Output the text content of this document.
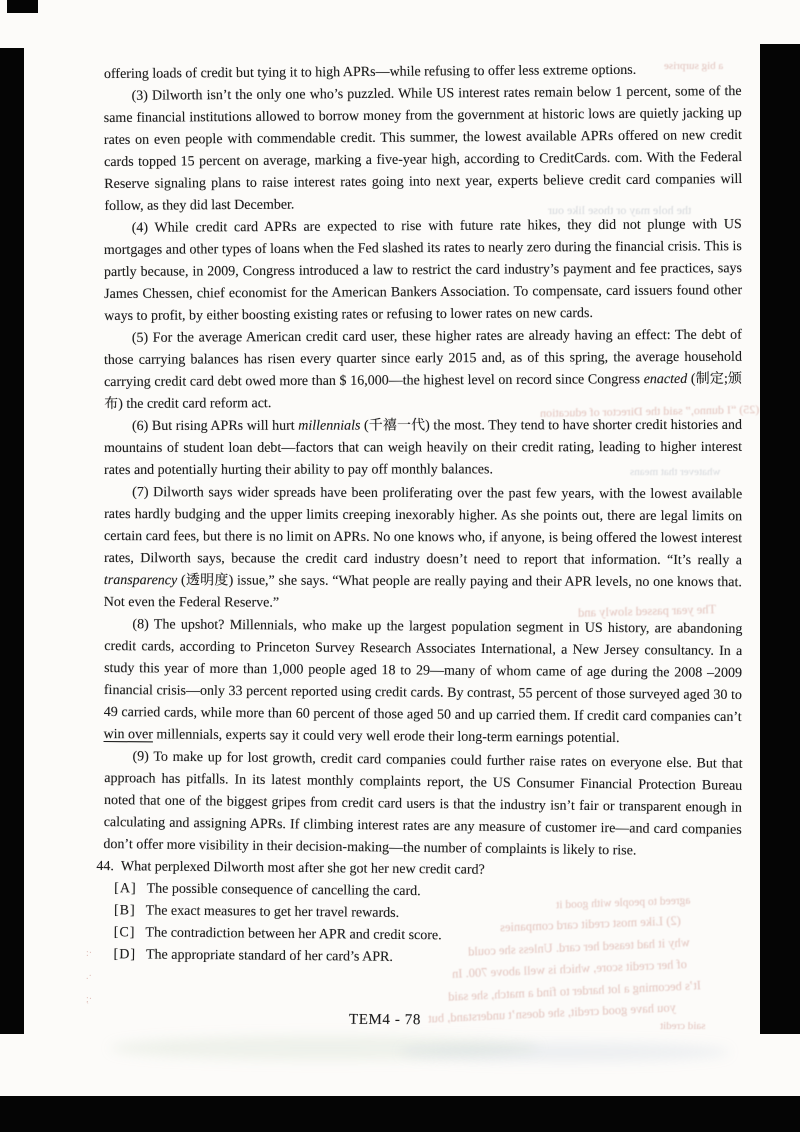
(25) “I dunno,” said the Director of education
the hole may or those like our
a big surprise
The year passed slowly and
whatever that means
agreed to people with good it
(2) Like most credit card companies
why it had teased her card. Unless she could
of her credit score, which is well above 700. In
It’s becoming a lot harder to find a match, she said
you have good credit, she doesn’t understand, but
said credit
·:
·.
·;

offering loads of credit but tying it to high APRs—while refusing to offer less extreme options.

(3) Dilworth isn’t the only one who’s puzzled. While US interest rates remain below 1 percent, some of the same financial institutions allowed to borrow money from the government at historic lows are quietly jacking up rates on even people with commendable credit. This summer, the lowest available APRs offered on new credit cards topped 15 percent on average, marking a five-year high, according to CreditCards. com. With the Federal Reserve signaling plans to raise interest rates going into next year, experts believe credit card companies will follow, as they did last December.

(4) While credit card APRs are expected to rise with future rate hikes, they did not plunge with US mortgages and other types of loans when the Fed slashed its rates to nearly zero during the financial crisis. This is partly because, in 2009, Congress introduced a law to restrict the card industry’s payment and fee practices, says James Chessen, chief economist for the American Bankers Association. To compensate, card issuers found other ways to profit, by either boosting existing rates or refusing to lower rates on new cards.

(5) For the average American credit card user, these higher rates are already having an effect: The debt of those carrying balances has risen every quarter since early 2015 and, as of this spring, the average household carrying credit card debt owed more than $ 16,000—the highest level on record since Congress enacted (制定;颁布) the credit card reform act.

(6) But rising APRs will hurt millennials (千禧一代) the most. They tend to have shorter credit histories and mountains of student loan debt—factors that can weigh heavily on their credit rating, leading to higher interest rates and potentially hurting their ability to pay off monthly balances.

(7) Dilworth says wider spreads have been proliferating over the past few years, with the lowest available rates hardly budging and the upper limits creeping inexorably higher. As she points out, there are legal limits on certain card fees, but there is no limit on APRs. No one knows who, if anyone, is being offered the lowest interest rates, Dilworth says, because the credit card industry doesn’t need to report that information. “It’s really a transparency (透明度) issue,” she says. “What people are really paying and their APR levels, no one knows that. Not even the Federal Reserve.”

(8) The upshot? Millennials, who make up the largest population segment in US history, are abandoning credit cards, according to Princeton Survey Research Associates International, a New Jersey consultancy. In a study this year of more than 1,000 people aged 18 to 29—many of whom came of age during the 2008 –2009 financial crisis—only 33 percent reported using credit cards. By contrast, 55 percent of those surveyed aged 30 to 49 carried cards, while more than 60 percent of those aged 50 and up carried them. If credit card companies can’t win over millennials, experts say it could very well erode their long-term earnings potential.

(9) To make up for lost growth, credit card companies could further raise rates on everyone else. But that approach has pitfalls. In its latest monthly complaints report, the US Consumer Financial Protection Bureau noted that one of the biggest gripes from credit card users is that the industry isn’t fair or transparent enough in calculating and assigning APRs. If climbing interest rates are any measure of customer ire—and card companies don’t offer more visibility in their decision-making—the number of complaints is likely to rise.

44. What perplexed Dilworth most after she got her new credit card?

[A] The possible consequence of cancelling the card.
[B] The exact measures to get her travel rewards.
[C] The contradiction between her APR and credit score.
[D] The appropriate standard of her card’s APR.
TEM4 - 78
